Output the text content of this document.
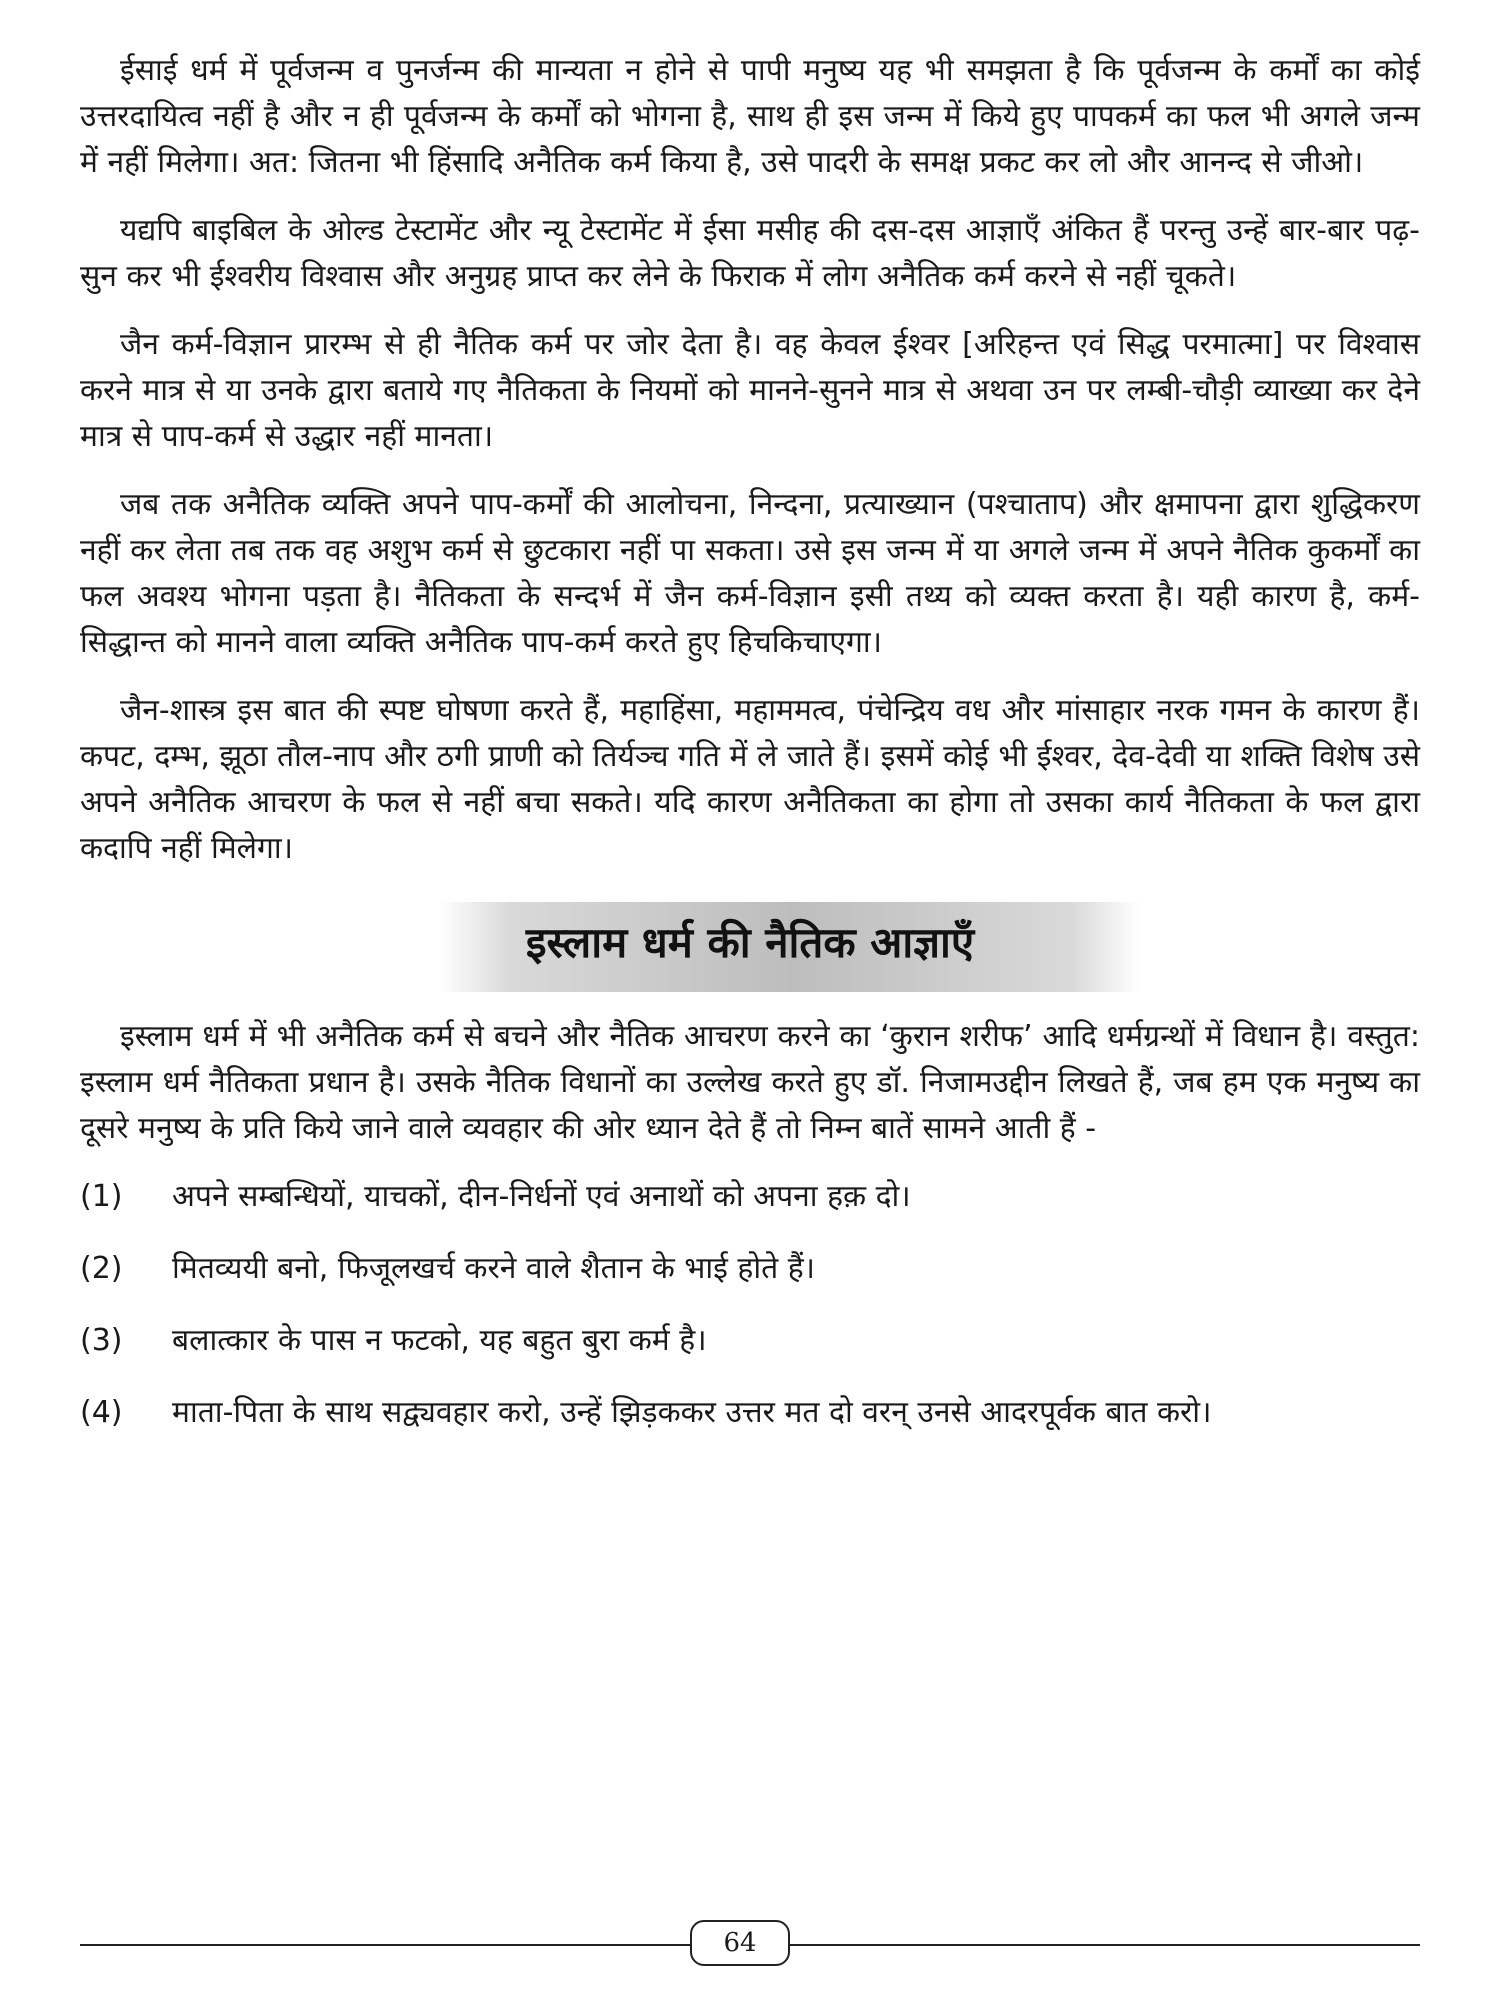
ईसाई धर्म में पूर्वजन्म व पुनर्जन्म की मान्यता न होने से पापी मनुष्य यह भी समझता है कि पूर्वजन्म के कर्मों का कोई उत्तरदायित्व नहीं है और न ही पूर्वजन्म के कर्मों को भोगना है, साथ ही इस जन्म में किये हुए पापकर्म का फल भी अगले जन्म में नहीं मिलेगा। अत: जितना भी हिंसादि अनैतिक कर्म किया है, उसे पादरी के समक्ष प्रकट कर लो और आनन्द से जीओ।

यद्यपि बाइबिल के ओल्ड टेस्टामेंट और न्यू टेस्टामेंट में ईसा मसीह की दस-दस आज्ञाएँ अंकित हैं परन्तु उन्हें बार-बार पढ़-सुन कर भी ईश्वरीय विश्वास और अनुग्रह प्राप्त कर लेने के फिराक में लोग अनैतिक कर्म करने से नहीं चूकते।

जैन कर्म-विज्ञान प्रारम्भ से ही नैतिक कर्म पर जोर देता है। वह केवल ईश्वर [अरिहन्त एवं सिद्ध परमात्मा] पर विश्वास करने मात्र से या उनके द्वारा बताये गए नैतिकता के नियमों को मानने-सुनने मात्र से अथवा उन पर लम्बी-चौड़ी व्याख्या कर देने मात्र से पाप-कर्म से उद्धार नहीं मानता।

जब तक अनैतिक व्यक्ति अपने पाप-कर्मों की आलोचना, निन्दना, प्रत्याख्यान (पश्चाताप) और क्षमापना द्वारा शुद्धिकरण नहीं कर लेता तब तक वह अशुभ कर्म से छुटकारा नहीं पा सकता। उसे इस जन्म में या अगले जन्म में अपने नैतिक कुकर्मों का फल अवश्य भोगना पड़ता है। नैतिकता के सन्दर्भ में जैन कर्म-विज्ञान इसी तथ्य को व्यक्त करता है। यही कारण है, कर्म-सिद्धान्त को मानने वाला व्यक्ति अनैतिक पाप-कर्म करते हुए हिचकिचाएगा।

जैन-शास्त्र इस बात की स्पष्ट घोषणा करते हैं, महाहिंसा, महाममत्व, पंचेन्द्रिय वध और मांसाहार नरक गमन के कारण हैं। कपट, दम्भ, झूठा तौल-नाप और ठगी प्राणी को तिर्यञ्च गति में ले जाते हैं। इसमें कोई भी ईश्वर, देव-देवी या शक्ति विशेष उसे अपने अनैतिक आचरण के फल से नहीं बचा सकते। यदि कारण अनैतिकता का होगा तो उसका कार्य नैतिकता के फल द्वारा कदापि नहीं मिलेगा।

इस्लाम धर्म की नैतिक आज्ञाएँ

इस्लाम धर्म में भी अनैतिक कर्म से बचने और नैतिक आचरण करने का ‘कुरान शरीफ’ आदि धर्मग्रन्थों में विधान है। वस्तुत: इस्लाम धर्म नैतिकता प्रधान है। उसके नैतिक विधानों का उल्लेख करते हुए डॉ. निजामउद्दीन लिखते हैं, जब हम एक मनुष्य का दूसरे मनुष्य के प्रति किये जाने वाले व्यवहार की ओर ध्यान देते हैं तो निम्न बातें सामने आती हैं -

(1)	अपने सम्बन्धियों, याचकों, दीन-निर्धनों एवं अनाथों को अपना हक़ दो।
(2)	मितव्ययी बनो, फिजूलखर्च करने वाले शैतान के भाई होते हैं।
(3)	बलात्कार के पास न फटको, यह बहुत बुरा कर्म है।
(4)	माता-पिता के साथ सद्व्यवहार करो, उन्हें झिड़ककर उत्तर मत दो वरन् उनसे आदरपूर्वक बात करो।
64
